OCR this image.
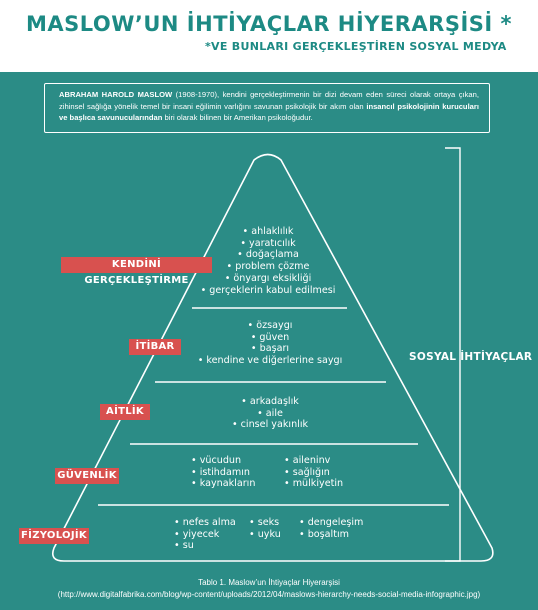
MASLOW’UN İHTİYAÇLAR HİYERARŞİSİ *
*VE BUNLARI GERÇEKLEŞTİREN SOSYAL MEDYA
ABRAHAM HAROLD MASLOW (1908-1970), kendini gerçekleştirmenin bir dizi devam eden süreci olarak ortaya çıkan, zihinsel sağlığa yönelik temel bir insani eğilimin varlığını savunan psikolojik bir akım olan insancıl psikolojinin kurucuları ve başlıca savunucularından biri olarak bilinen bir Amerikan psikoloğudur.
KENDİNİ GERÇEKLEŞTİRME
• ahlaklılık
• yaratıcılık
• doğaçlama
• problem çözme
• önyargı eksikliği
• gerçeklerin kabul edilmesi
İTİBAR
• özsaygı
• güven
• başarı
• kendine ve diğerlerine saygı
AİTLİK
• arkadaşlık
• aile
• cinsel yakınlık
GÜVENLİK
• vücudun
• istihdamın
• kaynakların
• aileninv
• sağlığın
• mülkiyetin
FİZYOLOJİK
• nefes alma
• yiyecek
• su
• seks
• uyku
• dengeleşim
• boşaltım
SOSYAL İHTİYAÇLAR
Tablo 1. Maslow’un İhtiyaçlar Hiyerarşisi
(http://www.digitalfabrika.com/blog/wp-content/uploads/2012/04/maslows-hierarchy-needs-social-media-infographic.jpg)
